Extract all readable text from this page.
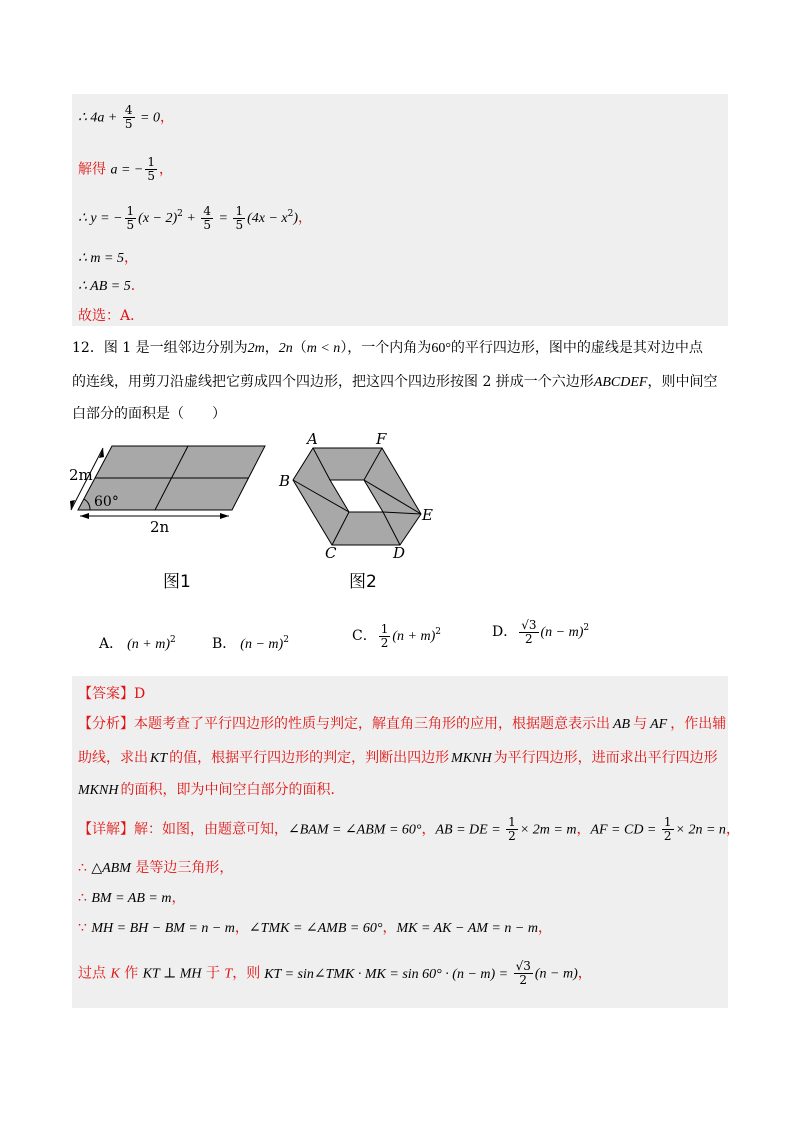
∴ $4a + \frac{4}{5} = 0$，
解得 a = − $\frac{1}{5}$ ，
∴ y = − $\frac{1}{5} (x - 2)^2 + \frac{4}{5} = \frac{1}{5} (4x - x^2)$，
∴ m = 5，
∴ AB = 5．
故选：A．
12．图 1 是一组邻边分别为2m，2n（m < n），一个内角为60°的平行四边形，图中的虚线是其对边中点
的连线，用剪刀沿虚线把它剪成四个四边形，把这四个四边形按图 2 拼成一个六边形ABCDEF，则中间空
白部分的面积是（　　）
2m
60°
2n
图1
A	F
B
E
C	D
图2
A． $(n + m)^2$	B． $(n - m)^2$	C． $\frac{1}{2} (n + m)^2$	D． $\frac{√3}{2} (n - m)^2$
【答案】D
【分析】本题考查了平行四边形的性质与判定，解直角三角形的应用，根据题意表示出 AB 与 AF ，作出辅
助线，求出 KT 的值，根据平行四边形的判定，判断出四边形 MKNH 为平行四边形，进而求出平行四边形
MKNH 的面积，即为中间空白部分的面积．
【详解】解：如图，由题意可知，∠BAM = ∠ABM = 60°，AB = DE = $\frac{1}{2} \times 2m = m$，AF = CD = $\frac{1}{2} \times 2n = n$，
∴ △ABM 是等边三角形，
∴ BM = AB = m，
∵ MH = BH − BM = n − m，∠TMK = ∠AMB = 60°，MK = AK − AM = n − m，
过点 K 作 KT ⊥ MH 于 T，则 KT = sin∠TMK · MK = $\sin 60^\circ \cdot (n - m) = \frac{√3}{2} (n - m)$，
